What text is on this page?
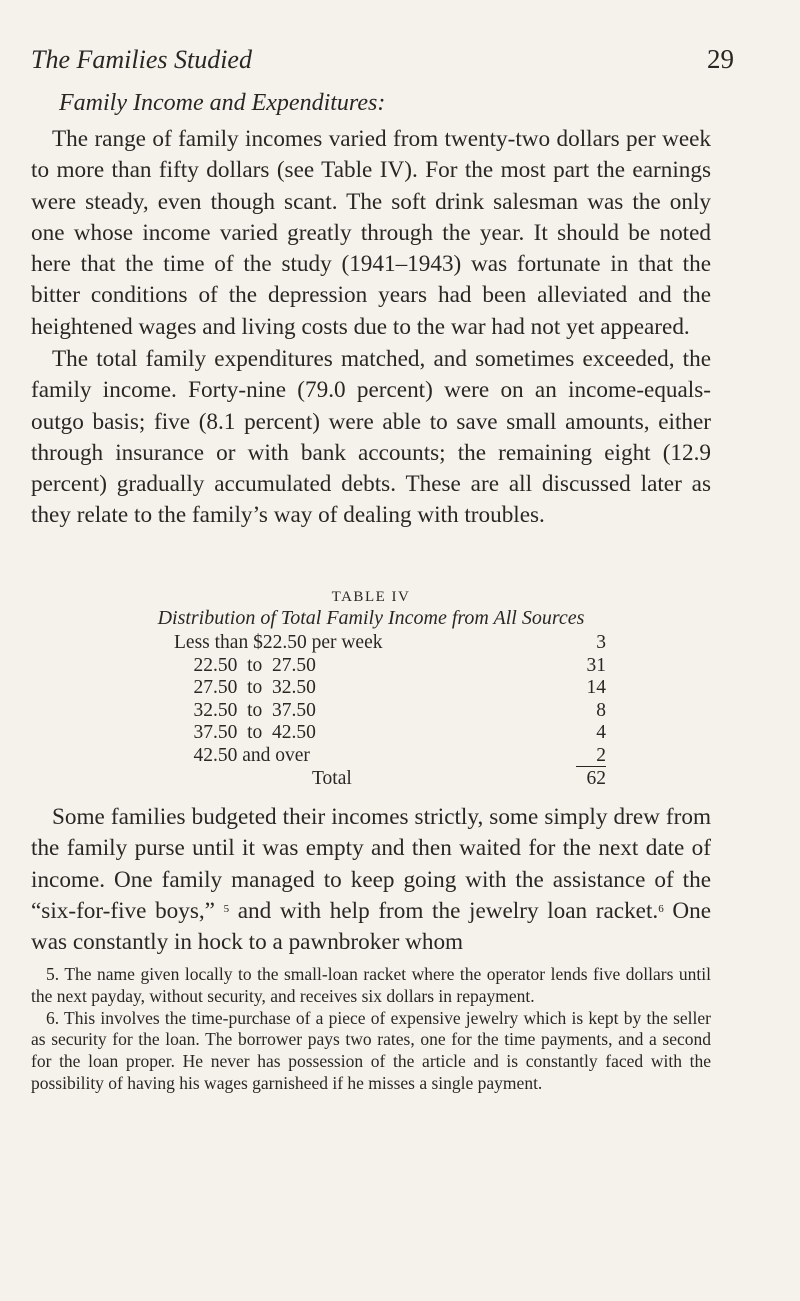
The Families Studied	29
Family Income and Expenditures:

The range of family incomes varied from twenty-two dollars per week to more than fifty dollars (see Table IV). For the most part the earnings were steady, even though scant. The soft drink salesman was the only one whose income varied greatly through the year. It should be noted here that the time of the study (1941–1943) was fortunate in that the bitter conditions of the depression years had been alleviated and the heightened wages and living costs due to the war had not yet appeared.

The total family expenditures matched, and sometimes exceeded, the family income. Forty-nine (79.0 percent) were on an income-equals-outgo basis; five (8.1 percent) were able to save small amounts, either through insurance or with bank accounts; the remaining eight (12.9 percent) gradually accumulated debts. These are all discussed later as they relate to the family’s way of dealing with troubles.

TABLE IV
Distribution of Total Family Income from All Sources
Less than $22.50 per week	3
22.50  to  27.50	31
27.50  to  32.50	14
32.50  to  37.50	8
37.50  to  42.50	4
42.50 and over	2
Total	62

Some families budgeted their incomes strictly, some simply drew from the family purse until it was empty and then waited for the next date of income. One family managed to keep going with the assistance of the “six-for-five boys,” $^5$ and with help from the jewelry loan racket.$^6$ One was constantly in hock to a pawnbroker whom

5. The name given locally to the small-loan racket where the operator lends five dollars until the next payday, without security, and receives six dollars in repayment.

6. This involves the time-purchase of a piece of expensive jewelry which is kept by the seller as security for the loan. The borrower pays two rates, one for the time payments, and a second for the loan proper. He never has possession of the article and is constantly faced with the possibility of having his wages garnisheed if he misses a single payment.
